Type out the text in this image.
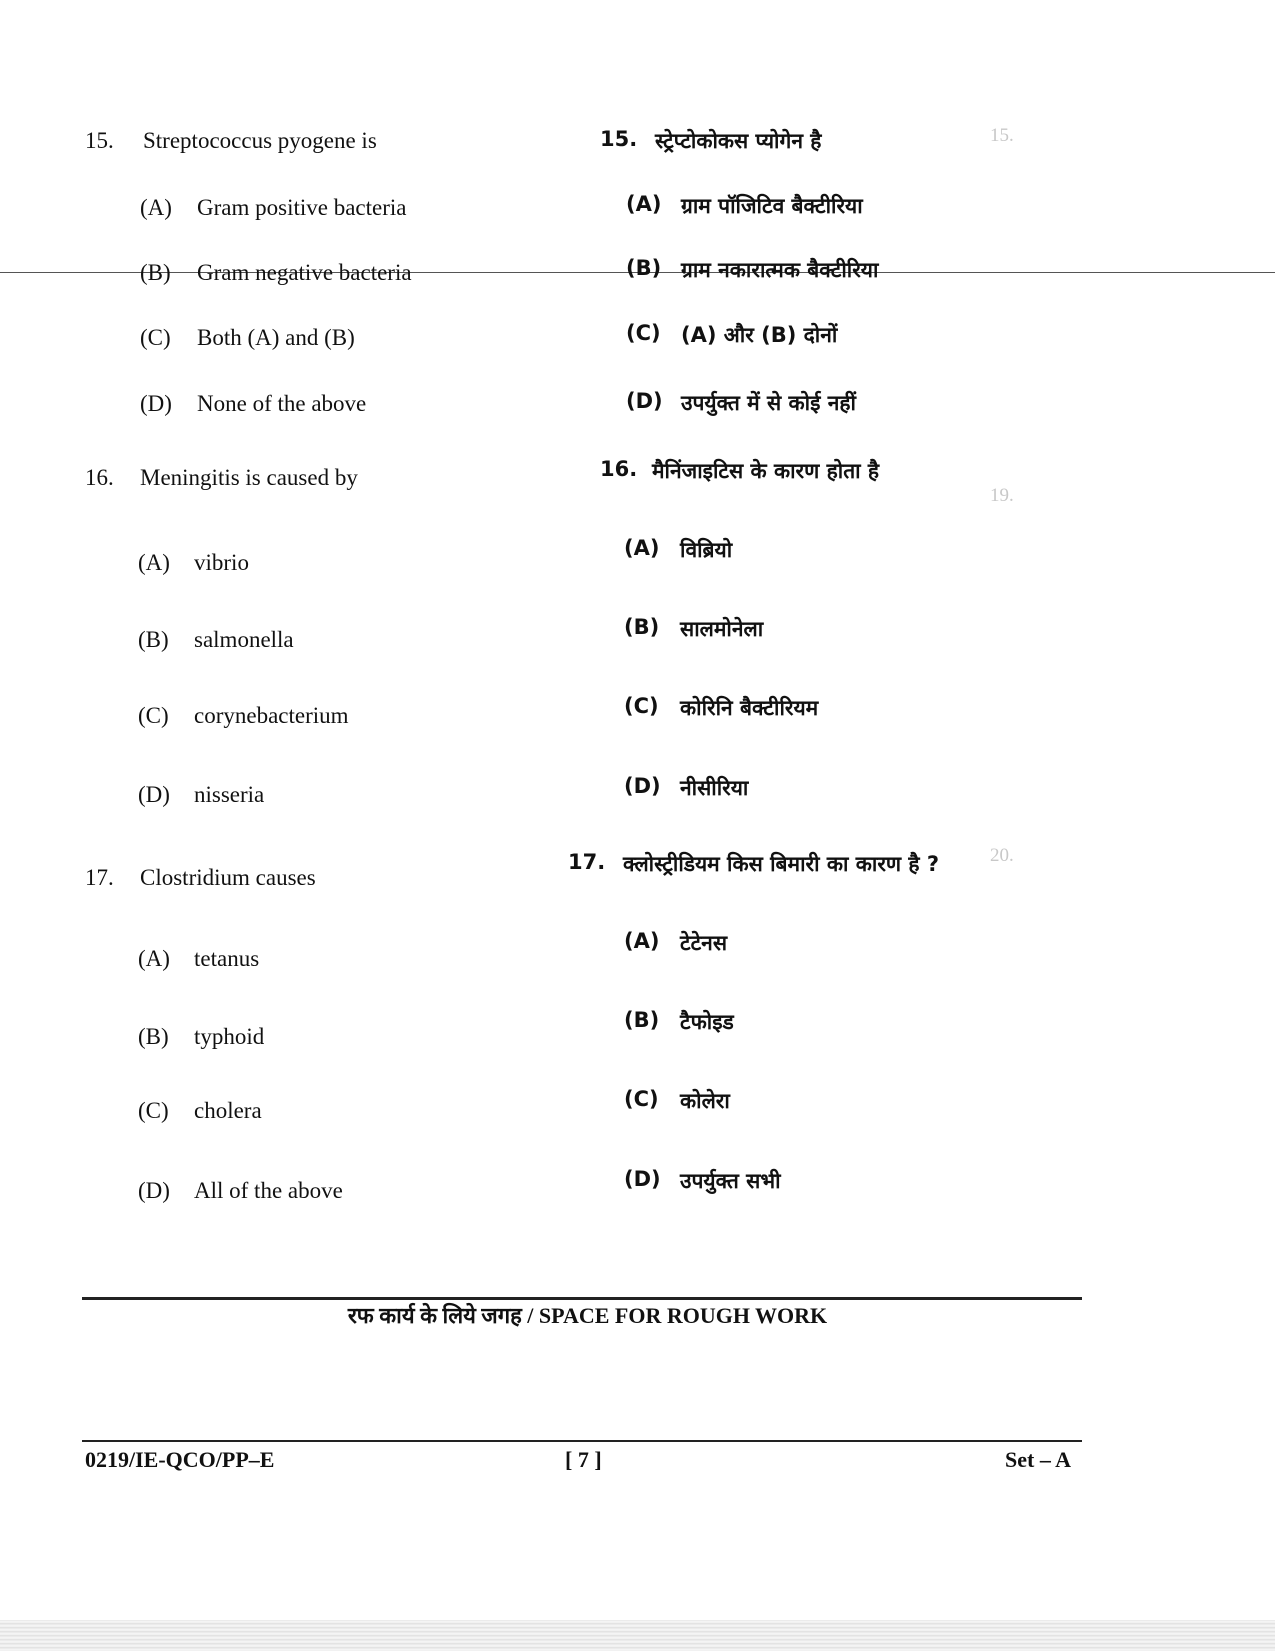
15.
19.
20.
15. Streptococcus pyogene is
(A) Gram positive bacteria
(B) Gram negative bacteria
(C) Both (A) and (B)
(D) None of the above
16. Meningitis is caused by
(A) vibrio
(B) salmonella
(C) corynebacterium
(D) nisseria
17. Clostridium causes
(A) tetanus
(B) typhoid
(C) cholera
(D) All of the above
15. स्ट्रेप्टोकोकस प्योगेन है
(A) ग्राम पॉजिटिव बैक्टीरिया
(B) ग्राम नकारात्मक बैक्टीरिया
(C) (A) और (B) दोनों
(D) उपर्युक्त में से कोई नहीं
16. मैनिंजाइटिस के कारण होता है
(A) विब्रियो
(B) सालमोनेला
(C) कोरिनि बैक्टीरियम
(D) नीसीरिया
17. क्लोस्ट्रीडियम किस बिमारी का कारण है ?
(A) टेटेनस
(B) टैफोइड
(C) कोलेरा
(D) उपर्युक्त सभी
रफ कार्य के लिये जगह / SPACE FOR ROUGH WORK
0219/IE-QCO/PP–E	[ 7 ]	Set – A
